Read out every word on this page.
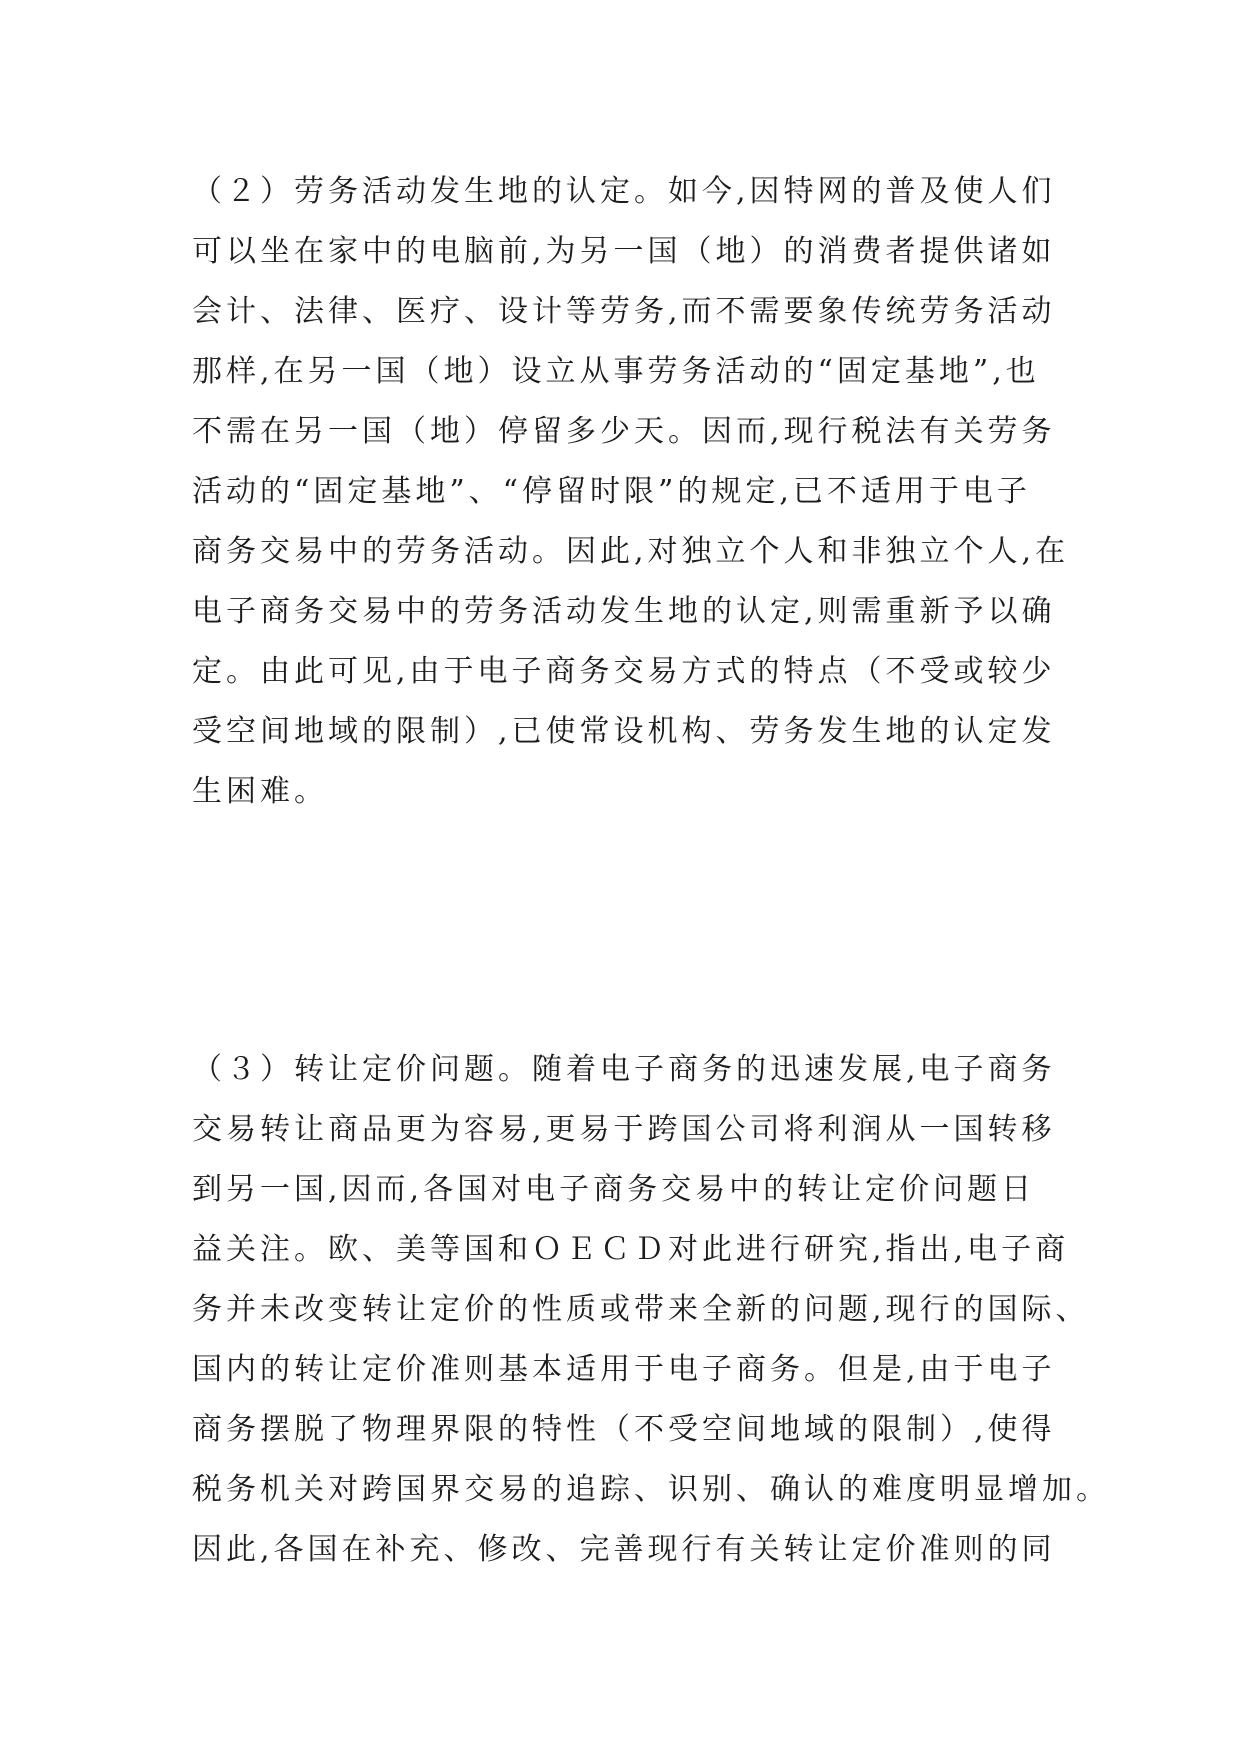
（２）劳务活动发生地的认定。如今,因特网的普及使人们
可以坐在家中的电脑前,为另一国（地）的消费者提供诸如
会计、法律、医疗、设计等劳务,而不需要象传统劳务活动
那样,在另一国（地）设立从事劳务活动的“固定基地”,也
不需在另一国（地）停留多少天。因而,现行税法有关劳务
活动的“固定基地”、“停留时限”的规定,已不适用于电子
商务交易中的劳务活动。因此,对独立个人和非独立个人,在
电子商务交易中的劳务活动发生地的认定,则需重新予以确
定。由此可见,由于电子商务交易方式的特点（不受或较少
受空间地域的限制）,已使常设机构、劳务发生地的认定发
生困难。
（３）转让定价问题。随着电子商务的迅速发展,电子商务
交易转让商品更为容易,更易于跨国公司将利润从一国转移
到另一国,因而,各国对电子商务交易中的转让定价问题日
益关注。欧、美等国和ＯＥＣＤ对此进行研究,指出,电子商
务并未改变转让定价的性质或带来全新的问题,现行的国际、
国内的转让定价准则基本适用于电子商务。但是,由于电子
商务摆脱了物理界限的特性（不受空间地域的限制）,使得
税务机关对跨国界交易的追踪、识别、确认的难度明显增加。
因此,各国在补充、修改、完善现行有关转让定价准则的同
